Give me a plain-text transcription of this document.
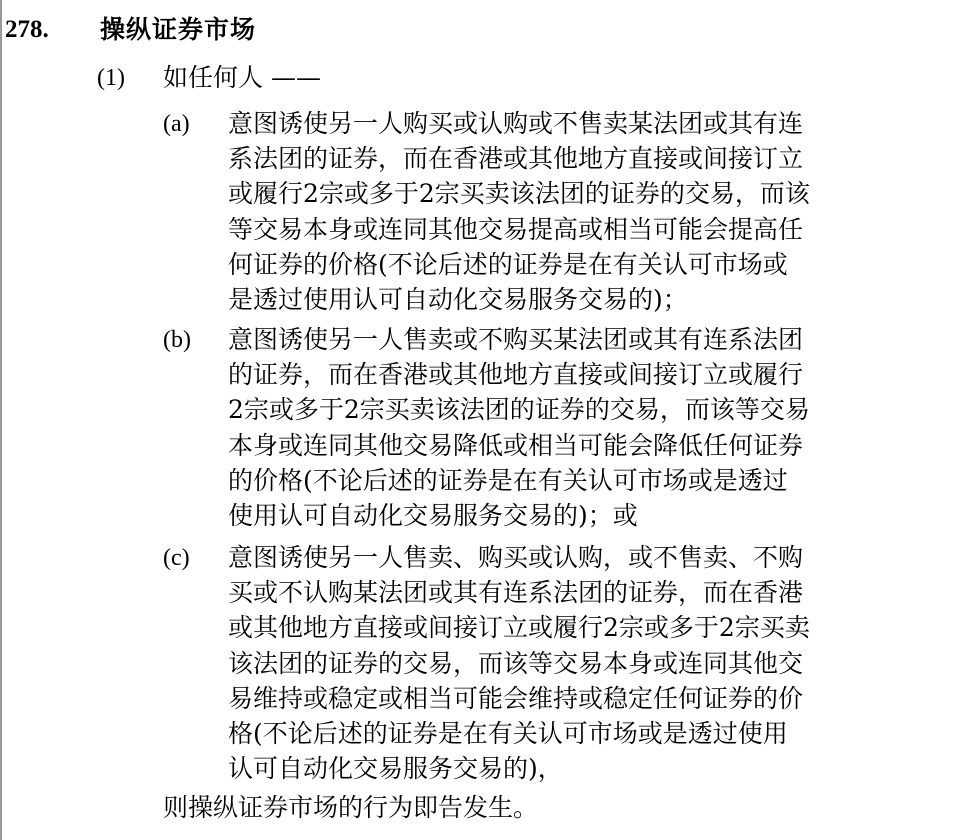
278. 操纵证券市场
(1) 如任何人 ——
(a) 意图诱使另一人购买或认购或不售卖某法团或其有连
系法团的证券，而在香港或其他地方直接或间接订立
或履行2宗或多于2宗买卖该法团的证券的交易，而该
等交易本身或连同其他交易提高或相当可能会提高任
何证券的价格(不论后述的证券是在有关认可市场或
是透过使用认可自动化交易服务交易的)；
(b) 意图诱使另一人售卖或不购买某法团或其有连系法团
的证券，而在香港或其他地方直接或间接订立或履行
2宗或多于2宗买卖该法团的证券的交易，而该等交易
本身或连同其他交易降低或相当可能会降低任何证券
的价格(不论后述的证券是在有关认可市场或是透过
使用认可自动化交易服务交易的)；或
(c) 意图诱使另一人售卖、购买或认购，或不售卖、不购
买或不认购某法团或其有连系法团的证券，而在香港
或其他地方直接或间接订立或履行2宗或多于2宗买卖
该法团的证券的交易，而该等交易本身或连同其他交
易维持或稳定或相当可能会维持或稳定任何证券的价
格(不论后述的证券是在有关认可市场或是透过使用
认可自动化交易服务交易的)，
则操纵证券市场的行为即告发生。
